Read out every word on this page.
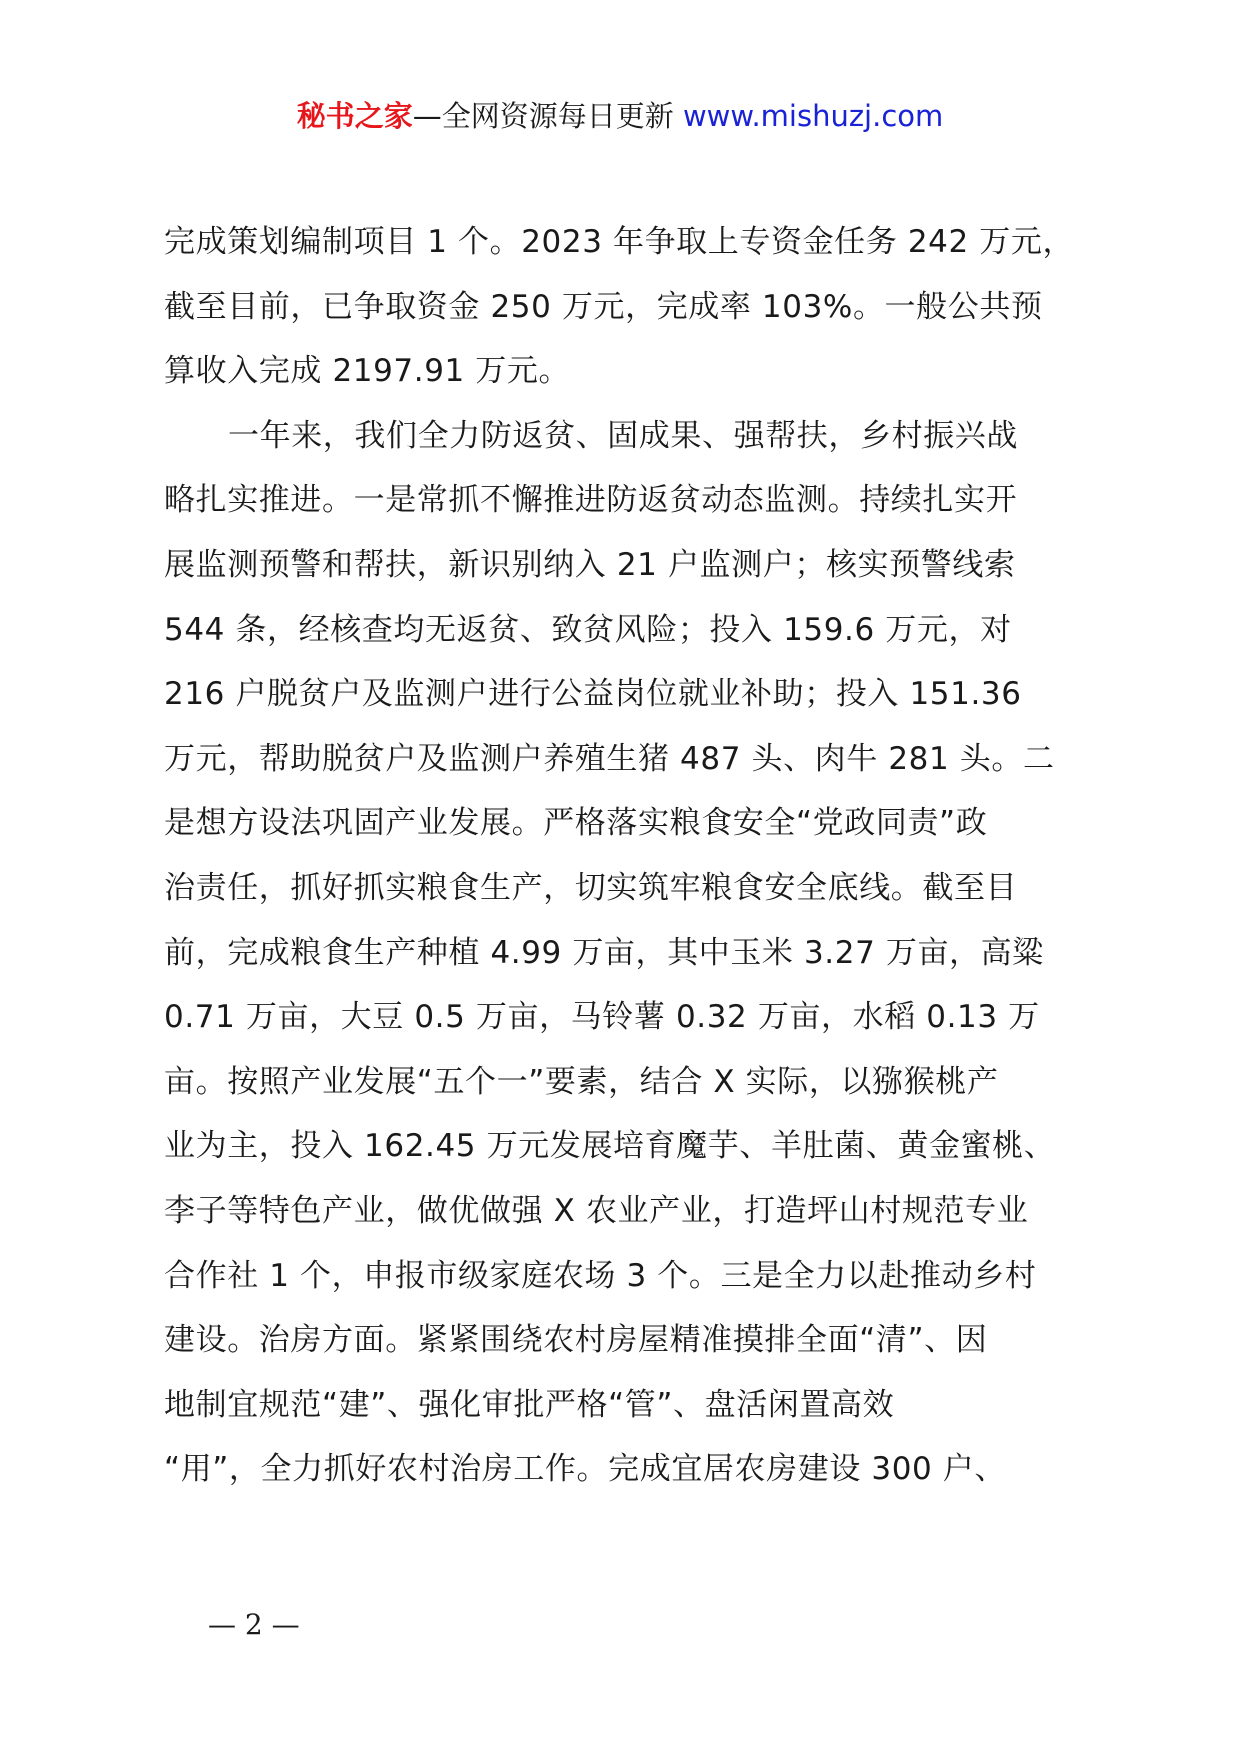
秘书之家—全网资源每日更新 www.mishuzj.com
完成策划编制项目 1 个。2023 年争取上专资金任务 242 万元，
截至目前，已争取资金 250 万元，完成率 103%。一般公共预
算收入完成 2197.91 万元。
一年来，我们全力防返贫、固成果、强帮扶，乡村振兴战
略扎实推进。一是常抓不懈推进防返贫动态监测。持续扎实开
展监测预警和帮扶，新识别纳入 21 户监测户；核实预警线索
544 条，经核查均无返贫、致贫风险；投入 159.6 万元，对
216 户脱贫户及监测户进行公益岗位就业补助；投入 151.36
万元，帮助脱贫户及监测户养殖生猪 487 头、肉牛 281 头。二
是想方设法巩固产业发展。严格落实粮食安全“党政同责”政
治责任，抓好抓实粮食生产，切实筑牢粮食安全底线。截至目
前，完成粮食生产种植 4.99 万亩，其中玉米 3.27 万亩，高粱
0.71 万亩，大豆 0.5 万亩，马铃薯 0.32 万亩，水稻 0.13 万
亩。按照产业发展“五个一”要素，结合 X 实际，以猕猴桃产
业为主，投入 162.45 万元发展培育魔芋、羊肚菌、黄金蜜桃、
李子等特色产业，做优做强 X 农业产业，打造坪山村规范专业
合作社 1 个，申报市级家庭农场 3 个。三是全力以赴推动乡村
建设。治房方面。紧紧围绕农村房屋精准摸排全面“清”、因
地制宜规范“建”、强化审批严格“管”、盘活闲置高效
“用”，全力抓好农村治房工作。完成宜居农房建设 300 户、
— 2 —
